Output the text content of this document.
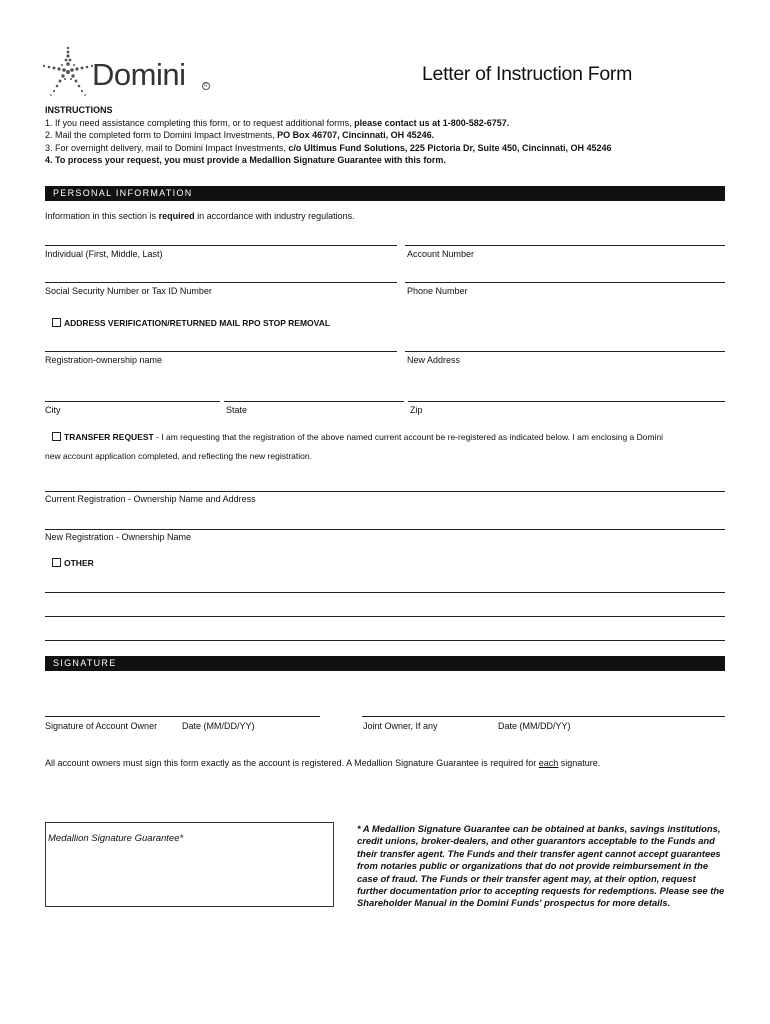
Domini	R
Letter of Instruction Form
INSTRUCTIONS
1. If you need assistance completing this form, or to request additional forms, please contact us at 1-800-582-6757.
2. Mail the completed form to Domini Impact Investments, PO Box 46707, Cincinnati, OH 45246.
3. For overnight delivery, mail to Domini Impact Investments, c/o Ultimus Fund Solutions, 225 Pictoria Dr, Suite 450, Cincinnati, OH 45246
4. To process your request, you must provide a Medallion Signature Guarantee with this form.
PERSONAL INFORMATION
Information in this section is required in accordance with industry regulations.
Individual (First, Middle, Last)	Account Number
Social Security Number or Tax ID Number	Phone Number
ADDRESS VERIFICATION/RETURNED MAIL RPO STOP REMOVAL
Registration-ownership name	New Address
City	State	Zip
TRANSFER REQUEST - I am requesting that the registration of the above named current account be re-registered as indicated below. I am enclosing a Domini
new account application completed, and reflecting the new registration.
Current Registration - Ownership Name and Address
New Registration - Ownership Name
OTHER
SIGNATURE
Signature of Account Owner	Date (MM/DD/YY)	Joint Owner, If any	Date (MM/DD/YY)
All account owners must sign this form exactly as the account is registered. A Medallion Signature Guarantee is required for each signature.
Medallion Signature Guarantee*
* A Medallion Signature Guarantee can be obtained at banks, savings institutions, credit unions, broker-dealers, and other guarantors acceptable to the Funds and their transfer agent. The Funds and their transfer agent cannot accept guarantees from notaries public or organizations that do not provide reimbursement in the case of fraud. The Funds or their transfer agent may, at their option, request further documentation prior to accepting requests for redemptions. Please see the Shareholder Manual in the Domini Funds' prospectus for more details.
